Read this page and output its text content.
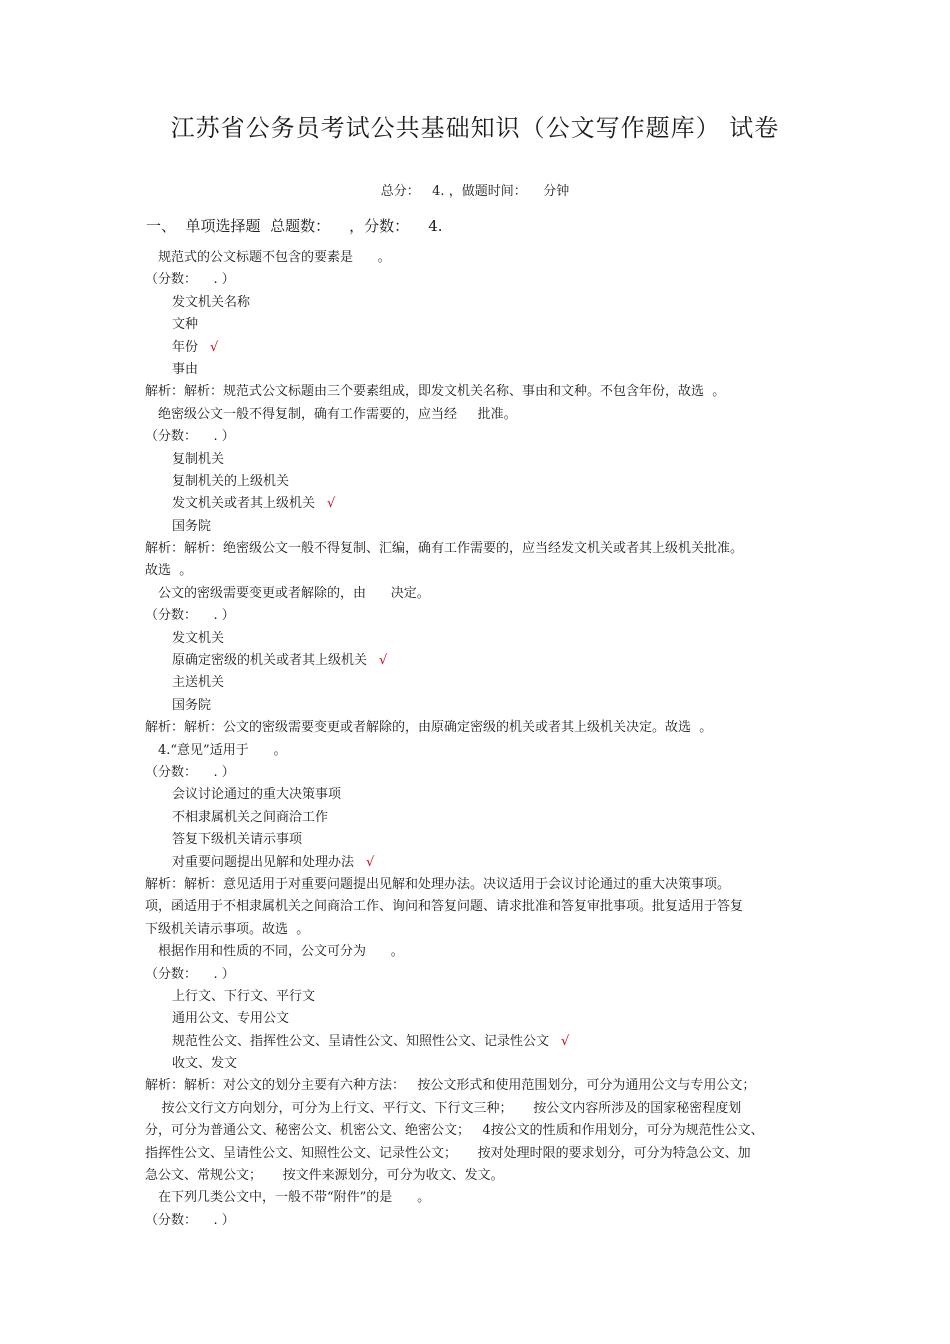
江苏省公务员考试公共基础知识（公文写作题库） 试卷
总分：   4. ，做题时间：    分钟
一、  单项选择题  总题数：    ，分数：    4.
规范式的公文标题不包含的要素是      。
（分数：    . ）
发文机关名称
文种
年份 √
事由
解析：解析：规范式公文标题由三个要素组成，即发文机关名称、事由和文种。不包含年份，故选  。
绝密级公文一般不得复制，确有工作需要的，应当经     批准。
（分数：    . ）
复制机关
复制机关的上级机关
发文机关或者其上级机关 √
国务院
解析：解析：绝密级公文一般不得复制、汇编，确有工作需要的，应当经发文机关或者其上级机关批准。
故选  。
公文的密级需要变更或者解除的，由      决定。
（分数：    . ）
发文机关
原确定密级的机关或者其上级机关 √
主送机关
国务院
解析：解析：公文的密级需要变更或者解除的，由原确定密级的机关或者其上级机关决定。故选  。
4.“意见”适用于      。
（分数：    . ）
会议讨论通过的重大决策事项
不相隶属机关之间商洽工作
答复下级机关请示事项
对重要问题提出见解和处理办法 √
解析：解析：意见适用于对重要问题提出见解和处理办法。决议适用于会议讨论通过的重大决策事项。
项，函适用于不相隶属机关之间商洽工作、询问和答复问题、请求批准和答复审批事项。批复适用于答复
下级机关请示事项。故选  。
根据作用和性质的不同，公文可分为      。
（分数：    . ）
上行文、下行文、平行文
通用公文、专用公文
规范性公文、指挥性公文、呈请性公文、知照性公文、记录性公文 √
收文、发文
解析：解析：对公文的划分主要有六种方法：   按公文形式和使用范围划分，可分为通用公文与专用公文；
按公文行文方向划分，可分为上行文、平行文、下行文三种；     按公文内容所涉及的国家秘密程度划
分，可分为普通公文、秘密公文、机密公文、绝密公文；   4按公文的性质和作用划分，可分为规范性公文、
指挥性公文、呈请性公文、知照性公文、记录性公文；     按对处理时限的要求划分，可分为特急公文、加
急公文、常规公文；     按文件来源划分，可分为收文、发文。
在下列几类公文中，一般不带“附件”的是      。
（分数：    . ）
